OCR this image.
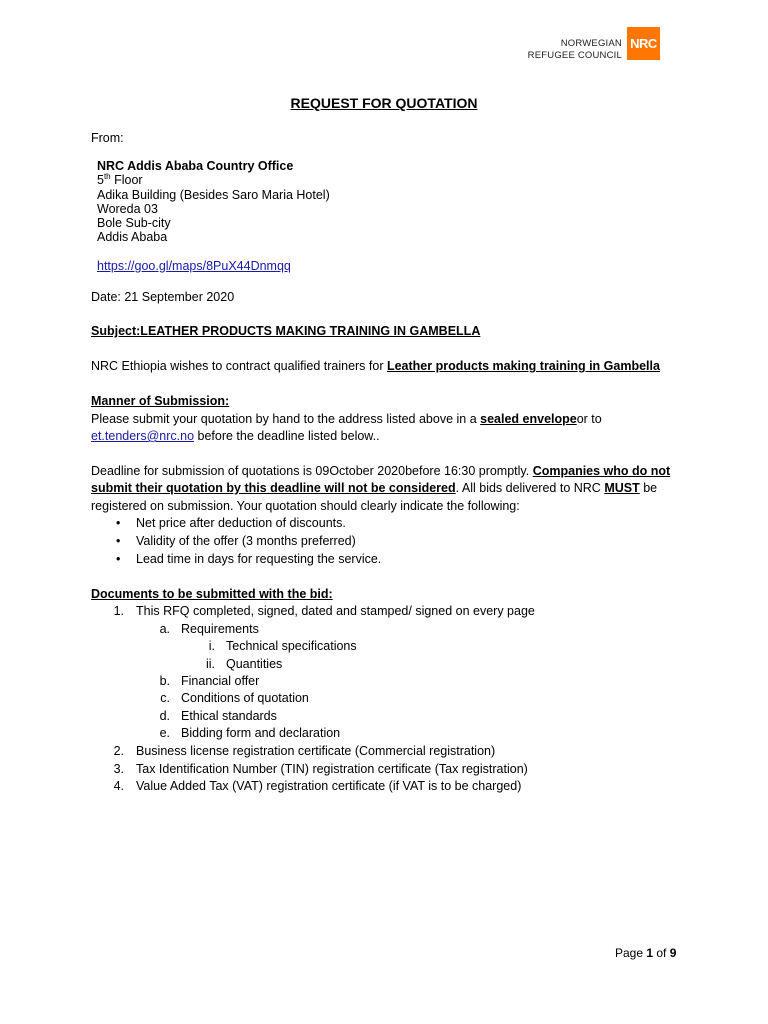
NORWEGIAN
REFUGEE COUNCIL
NRC
REQUEST FOR QUOTATION
From:
NRC Addis Ababa Country Office
5th Floor
Adika Building (Besides Saro Maria Hotel)
Woreda 03
Bole Sub-city
Addis Ababa
https://goo.gl/maps/8PuX44Dnmqq
Date: 21 September 2020
Subject:LEATHER PRODUCTS MAKING TRAINING IN GAMBELLA
NRC Ethiopia wishes to contract qualified trainers for Leather products making training in Gambella
Manner of Submission:
Please submit your quotation by hand to the address listed above in a sealed envelopeor to
et.tenders@nrc.no before the deadline listed below..
Deadline for submission of quotations is 09October 2020before 16:30 promptly. Companies who do not
submit their quotation by this deadline will not be considered. All bids delivered to NRC MUST be
registered on submission. Your quotation should clearly indicate the following:
• Net price after deduction of discounts.
• Validity of the offer (3 months preferred)
• Lead time in days for requesting the service.
Documents to be submitted with the bid:
1. This RFQ completed, signed, dated and stamped/ signed on every page
a. Requirements
i. Technical specifications
ii. Quantities
b. Financial offer
c. Conditions of quotation
d. Ethical standards
e. Bidding form and declaration
2. Business license registration certificate (Commercial registration)
3. Tax Identification Number (TIN) registration certificate (Tax registration)
4. Value Added Tax (VAT) registration certificate (if VAT is to be charged)
Page 1 of 9
